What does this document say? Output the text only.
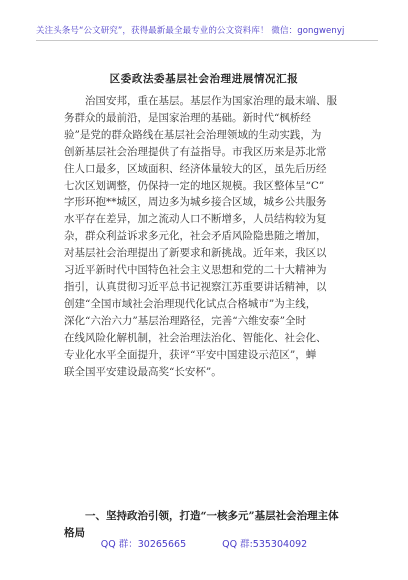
关注头条号“公文研究”，获得最新最全最专业的公文资料库！ 微信：gongwenyj
区委政法委基层社会治理进展情况汇报
治国安邦，重在基层。基层作为国家治理的最末端、服
务群众的最前沿，是国家治理的基础。新时代“枫桥经
验”是党的群众路线在基层社会治理领域的生动实践，为
创新基层社会治理提供了有益指导。市我区历来是苏北常
住人口最多，区域面积、经济体量较大的区，虽先后历经
七次区划调整，仍保持一定的地区规模。我区整体呈“C”
字形环抱**城区，周边多为城乡接合区域，城乡公共服务
水平存在差异，加之流动人口不断增多，人员结构较为复
杂，群众利益诉求多元化，社会矛盾风险隐患随之增加，
对基层社会治理提出了新要求和新挑战。近年来，我区以
习近平新时代中国特色社会主义思想和党的二十大精神为
指引，认真贯彻习近平总书记视察江苏重要讲话精神，以
创建“全国市域社会治理现代化试点合格城市”为主线，
深化“六治六力”基层治理路径，完善“六维安泰”全时
在线风险化解机制，社会治理法治化、智能化、社会化、
专业化水平全面提升，获评“平安中国建设示范区”，蝉
联全国平安建设最高奖“长安杯”。
一、坚持政治引领，打造“一核多元”基层社会治理主体
格局
QQ 群：30265665	QQ 群:535304092
